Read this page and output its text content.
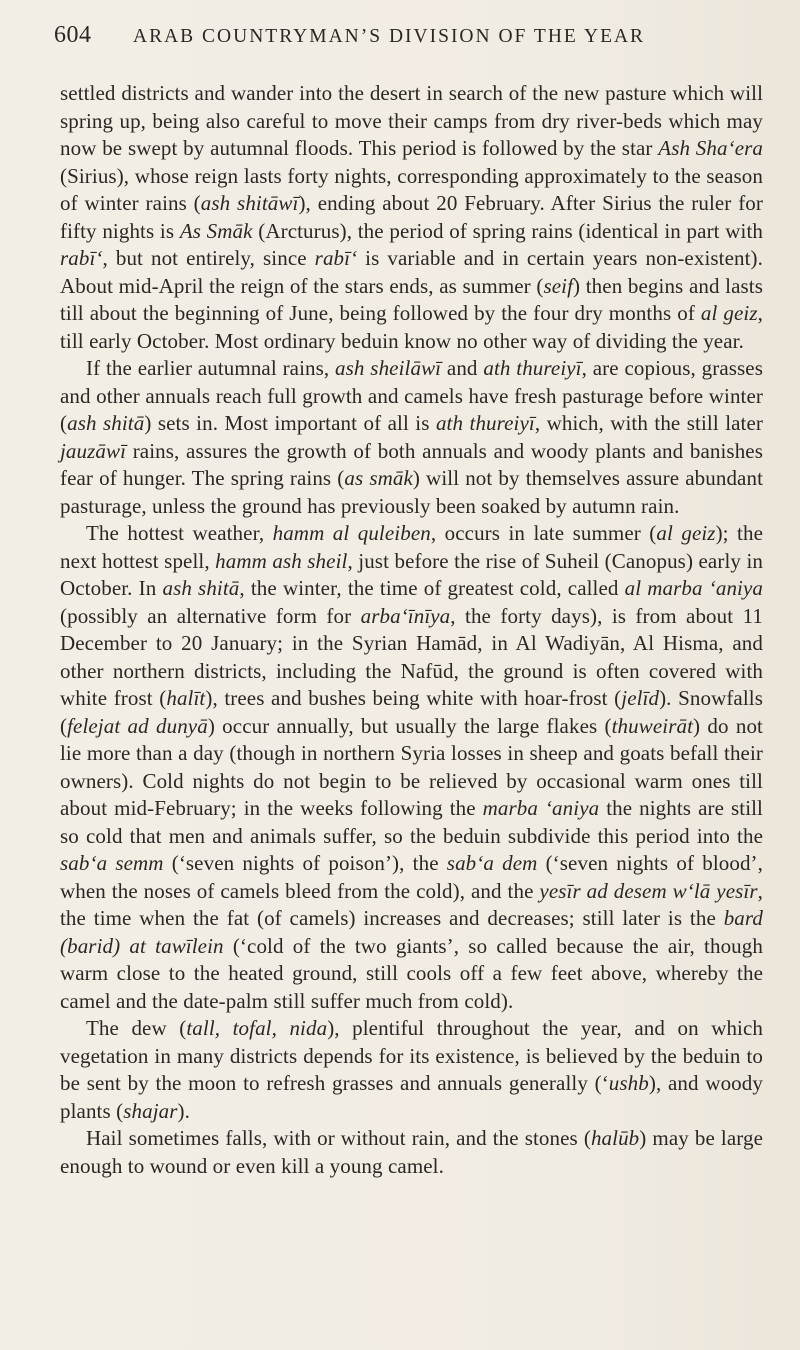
604 ARAB COUNTRYMAN’S DIVISION OF THE YEAR

settled districts and wander into the desert in search of the new pasture which will spring up, being also careful to move their camps from dry river-beds which may now be swept by autumnal floods. This period is followed by the star Ash Sha‘era (Sirius), whose reign lasts forty nights, corresponding approximately to the season of winter rains (ash shitāwī), ending about 20 February. After Sirius the ruler for fifty nights is As Smāk (Arcturus), the period of spring rains (identical in part with rabī‘, but not entirely, since rabī‘ is variable and in certain years non-existent). About mid-April the reign of the stars ends, as summer (seif) then begins and lasts till about the beginning of June, being followed by the four dry months of al geiz, till early October. Most ordinary beduin know no other way of dividing the year.

If the earlier autumnal rains, ash sheilāwī and ath thureiyī, are copious, grasses and other annuals reach full growth and camels have fresh pasturage before winter (ash shitā) sets in. Most important of all is ath thureiyī, which, with the still later jauzāwī rains, assures the growth of both annuals and woody plants and banishes fear of hunger. The spring rains (as smāk) will not by themselves assure abundant pasturage, unless the ground has previously been soaked by autumn rain.

The hottest weather, hamm al quleiben, occurs in late summer (al geiz); the next hottest spell, hamm ash sheil, just before the rise of Suheil (Canopus) early in October. In ash shitā, the winter, the time of greatest cold, called al marba ‘aniya (possibly an alternative form for arba‘īnīya, the forty days), is from about 11 December to 20 January; in the Syrian Hamād, in Al Wadiyān, Al Hisma, and other northern districts, including the Nafūd, the ground is often covered with white frost (halīt), trees and bushes being white with hoar-frost (jelīd). Snowfalls (felejat ad dunyā) occur annually, but usually the large flakes (thuweirāt) do not lie more than a day (though in northern Syria losses in sheep and goats befall their owners). Cold nights do not begin to be relieved by occasional warm ones till about mid-February; in the weeks following the marba ‘aniya the nights are still so cold that men and animals suffer, so the beduin subdivide this period into the sab‘a semm (‘seven nights of poison’), the sab‘a dem (‘seven nights of blood’, when the noses of camels bleed from the cold), and the yesīr ad desem w‘lā yesīr, the time when the fat (of camels) increases and decreases; still later is the bard (barid) at tawīlein (‘cold of the two giants’, so called because the air, though warm close to the heated ground, still cools off a few feet above, whereby the camel and the date-palm still suffer much from cold).

The dew (tall, tofal, nida), plentiful throughout the year, and on which vegetation in many districts depends for its existence, is believed by the beduin to be sent by the moon to refresh grasses and annuals generally (‘ushb), and woody plants (shajar).

Hail sometimes falls, with or without rain, and the stones (halūb) may be large enough to wound or even kill a young camel.
